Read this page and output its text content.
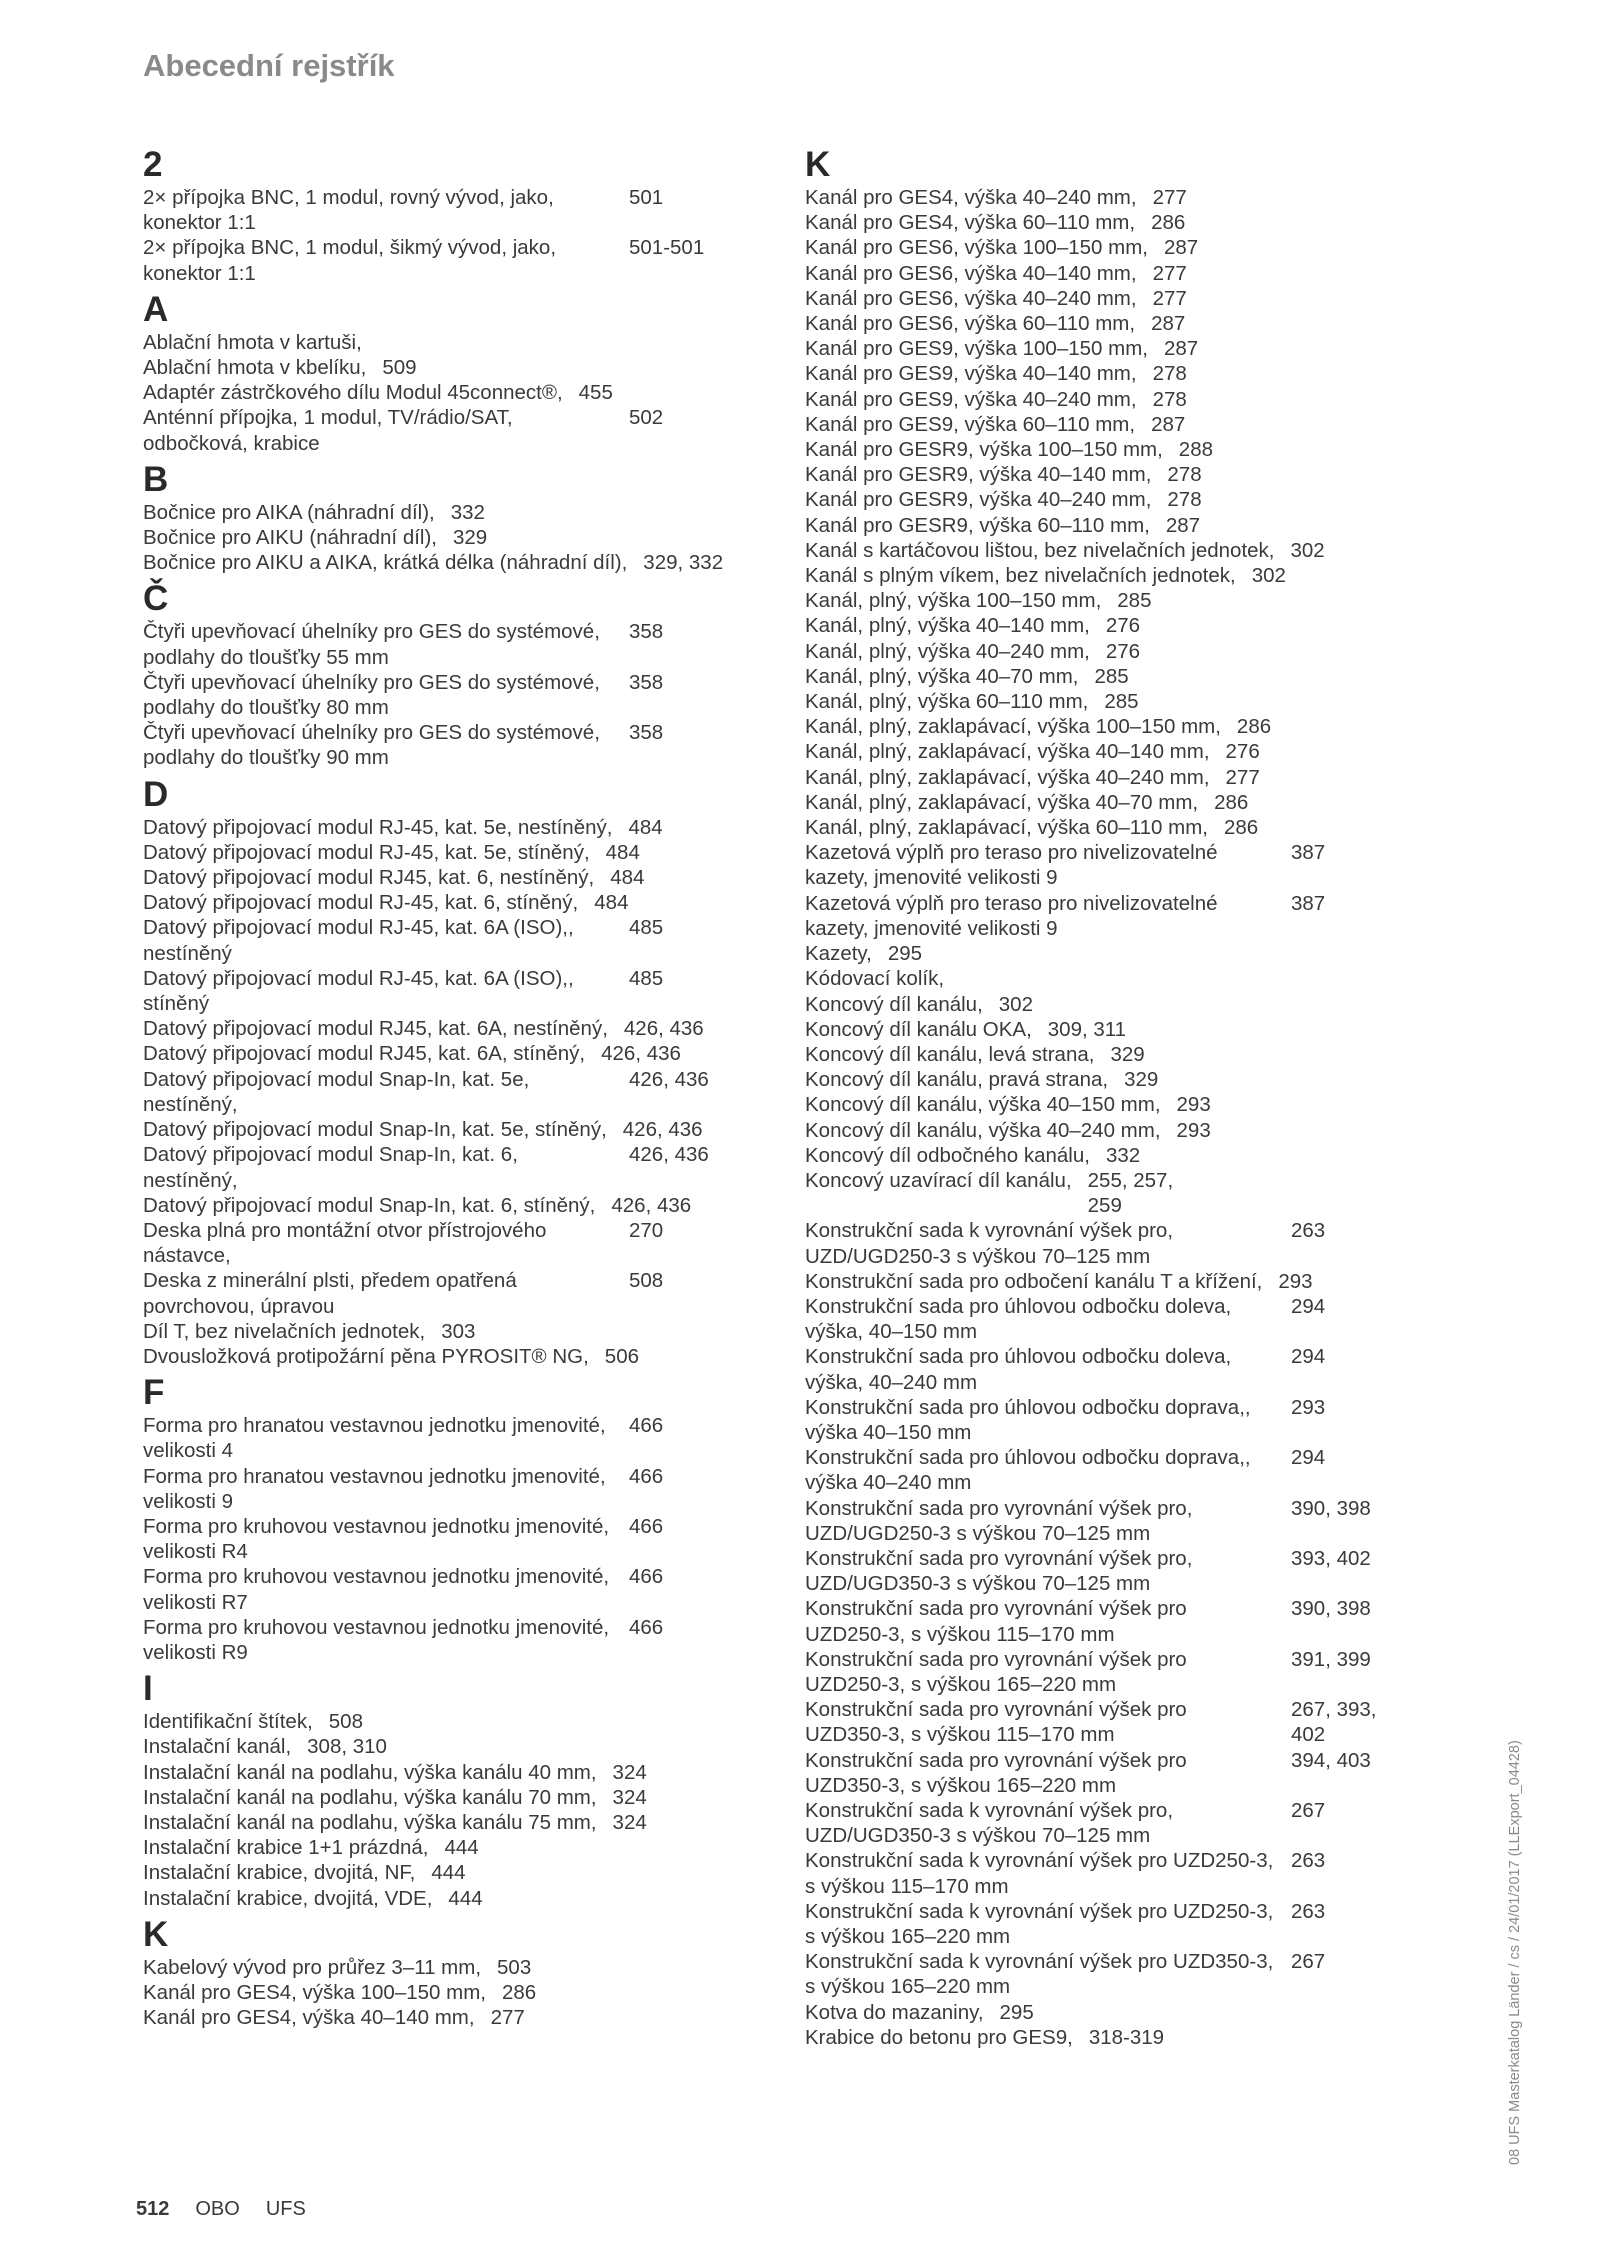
Abecední rejstřík
2
2× přípojka BNC, 1 modul, rovný vývod, jako, konektor 1:1
501
2× přípojka BNC, 1 modul, šikmý vývod, jako, konektor 1:1
501-501
A
Ablační hmota v kartuši,
Ablační hmota v kbelíku, 509
Adaptér zástrčkového dílu Modul 45connect®, 455
Anténní přípojka, 1 modul, TV/rádio/SAT, odbočková, krabice
502
B
Bočnice pro AIKA (náhradní díl), 332
Bočnice pro AIKU (náhradní díl), 329
Bočnice pro AIKU a AIKA, krátká délka (náhradní díl), 329, 332
Č
Čtyři upevňovací úhelníky pro GES do systémové, podlahy do tloušťky 55 mm
358
Čtyři upevňovací úhelníky pro GES do systémové, podlahy do tloušťky 80 mm
358
Čtyři upevňovací úhelníky pro GES do systémové, podlahy do tloušťky 90 mm
358
D
Datový připojovací modul RJ-45, kat. 5e, nestíněný, 484
Datový připojovací modul RJ-45, kat. 5e, stíněný, 484
Datový připojovací modul RJ45, kat. 6, nestíněný, 484
Datový připojovací modul RJ-45, kat. 6, stíněný, 484
Datový připojovací modul RJ-45, kat. 6A (ISO),, nestíněný
485
Datový připojovací modul RJ-45, kat. 6A (ISO),, stíněný
485
Datový připojovací modul RJ45, kat. 6A, nestíněný, 426, 436
Datový připojovací modul RJ45, kat. 6A, stíněný, 426, 436
Datový připojovací modul Snap-In, kat. 5e, nestíněný,
426, 436
Datový připojovací modul Snap-In, kat. 5e, stíněný, 426, 436
Datový připojovací modul Snap-In, kat. 6, nestíněný,
426, 436
Datový připojovací modul Snap-In, kat. 6, stíněný, 426, 436
Deska plná pro montážní otvor přístrojového nástavce,
270
Deska z minerální plsti, předem opatřená povrchovou, úpravou
508
Díl T, bez nivelačních jednotek, 303
Dvousložková protipožární pěna PYROSIT® NG, 506
F
Forma pro hranatou vestavnou jednotku jmenovité, velikosti 4
466
Forma pro hranatou vestavnou jednotku jmenovité, velikosti 9
466
Forma pro kruhovou vestavnou jednotku jmenovité, velikosti R4
466
Forma pro kruhovou vestavnou jednotku jmenovité, velikosti R7
466
Forma pro kruhovou vestavnou jednotku jmenovité, velikosti R9
466
I
Identifikační štítek, 508
Instalační kanál, 308, 310
Instalační kanál na podlahu, výška kanálu 40 mm, 324
Instalační kanál na podlahu, výška kanálu 70 mm, 324
Instalační kanál na podlahu, výška kanálu 75 mm, 324
Instalační krabice 1+1 prázdná, 444
Instalační krabice, dvojitá, NF, 444
Instalační krabice, dvojitá, VDE, 444
K
Kabelový vývod pro průřez 3–11 mm, 503
Kanál pro GES4, výška 100–150 mm, 286
Kanál pro GES4, výška 40–140 mm, 277
K
Kanál pro GES4, výška 40–240 mm, 277
Kanál pro GES4, výška 60–110 mm, 286
Kanál pro GES6, výška 100–150 mm, 287
Kanál pro GES6, výška 40–140 mm, 277
Kanál pro GES6, výška 40–240 mm, 277
Kanál pro GES6, výška 60–110 mm, 287
Kanál pro GES9, výška 100–150 mm, 287
Kanál pro GES9, výška 40–140 mm, 278
Kanál pro GES9, výška 40–240 mm, 278
Kanál pro GES9, výška 60–110 mm, 287
Kanál pro GESR9, výška 100–150 mm, 288
Kanál pro GESR9, výška 40–140 mm, 278
Kanál pro GESR9, výška 40–240 mm, 278
Kanál pro GESR9, výška 60–110 mm, 287
Kanál s kartáčovou lištou, bez nivelačních jednotek, 302
Kanál s plným víkem, bez nivelačních jednotek, 302
Kanál, plný, výška 100–150 mm, 285
Kanál, plný, výška 40–140 mm, 276
Kanál, plný, výška 40–240 mm, 276
Kanál, plný, výška 40–70 mm, 285
Kanál, plný, výška 60–110 mm, 285
Kanál, plný, zaklapávací, výška 100–150 mm, 286
Kanál, plný, zaklapávací, výška 40–140 mm, 276
Kanál, plný, zaklapávací, výška 40–240 mm, 277
Kanál, plný, zaklapávací, výška 40–70 mm, 286
Kanál, plný, zaklapávací, výška 60–110 mm, 286
Kazetová výplň pro teraso pro nivelizovatelné kazety, jmenovité velikosti 9
387
Kazetová výplň pro teraso pro nivelizovatelné kazety, jmenovité velikosti 9
387
Kazety, 295
Kódovací kolík,
Koncový díl kanálu, 302
Koncový díl kanálu OKA, 309, 311
Koncový díl kanálu, levá strana, 329
Koncový díl kanálu, pravá strana, 329
Koncový díl kanálu, výška 40–150 mm, 293
Koncový díl kanálu, výška 40–240 mm, 293
Koncový díl odbočného kanálu, 332
Koncový uzavírací díl kanálu, 255, 257, 259
Konstrukční sada k vyrovnání výšek pro, UZD/UGD250-3 s výškou 70–125 mm
263
Konstrukční sada pro odbočení kanálu T a křížení, 293
Konstrukční sada pro úhlovou odbočku doleva, výška, 40–150 mm
294
Konstrukční sada pro úhlovou odbočku doleva, výška, 40–240 mm
294
Konstrukční sada pro úhlovou odbočku doprava,, výška 40–150 mm
293
Konstrukční sada pro úhlovou odbočku doprava,, výška 40–240 mm
294
Konstrukční sada pro vyrovnání výšek pro, UZD/UGD250-3 s výškou 70–125 mm
390, 398
Konstrukční sada pro vyrovnání výšek pro, UZD/UGD350-3 s výškou 70–125 mm
393, 402
Konstrukční sada pro vyrovnání výšek pro UZD250-3, s výškou 115–170 mm
390, 398
Konstrukční sada pro vyrovnání výšek pro UZD250-3, s výškou 165–220 mm
391, 399
Konstrukční sada pro vyrovnání výšek pro UZD350-3, s výškou 115–170 mm
267, 393, 402
Konstrukční sada pro vyrovnání výšek pro UZD350-3, s výškou 165–220 mm
394, 403
Konstrukční sada k vyrovnání výšek pro, UZD/UGD350-3 s výškou 70–125 mm
267
Konstrukční sada k vyrovnání výšek pro UZD250-3, s výškou 115–170 mm
263
Konstrukční sada k vyrovnání výšek pro UZD250-3, s výškou 165–220 mm
263
Konstrukční sada k vyrovnání výšek pro UZD350-3, s výškou 165–220 mm
267
Kotva do mazaniny, 295
Krabice do betonu pro GES9, 318-319
512 OBO UFS
08 UFS Masterkatalog Länder / cs / 24/01/2017 (LLExport_04428)
